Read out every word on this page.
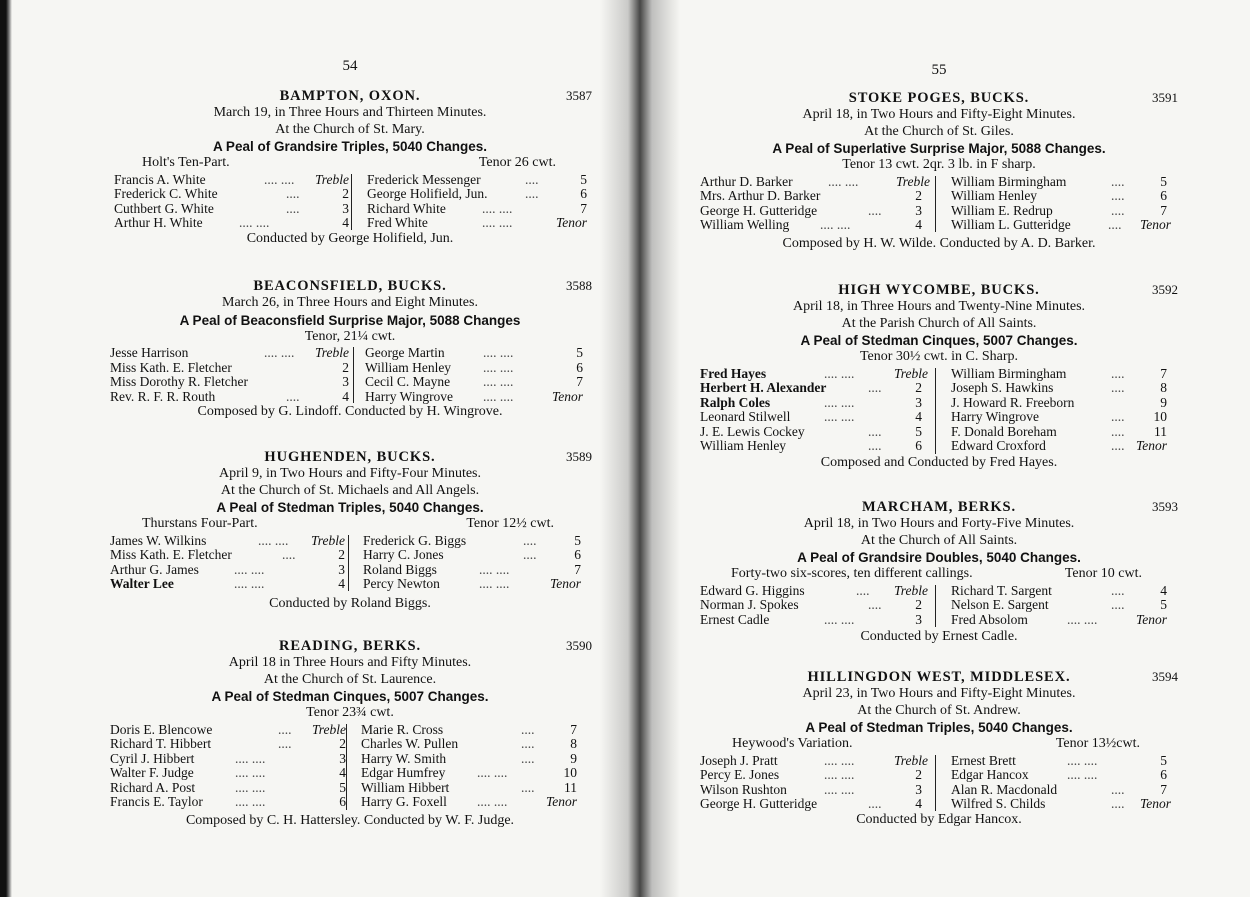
54
BAMPTON, OXON.	3587
March 19, in Three Hours and Thirteen Minutes.
At the Church of St. Mary.
A Peal of Grandsire Triples, 5040 Changes.
Holt's Ten-Part.	Tenor 26 cwt.
Francis A. White	.... ....	Treble
Frederick C. White	....	2
Cuthbert G. White	....	3
Arthur H. White	.... ....	4
Frederick Messenger	....	5
George Holifield, Jun.	....	6
Richard White	.... ....	7
Fred White	.... ....	Tenor
Conducted by George Holifield, Jun.
BEACONSFIELD, BUCKS.	3588
March 26, in Three Hours and Eight Minutes.
A Peal of Beaconsfield Surprise Major, 5088 Changes
Tenor, 21¼ cwt.
Jesse Harrison	.... ....	Treble
Miss Kath. E. Fletcher	2
Miss Dorothy R. Fletcher	3
Rev. R. F. R. Routh	....	4
George Martin	.... ....	5
William Henley .... ....	6
Cecil C. Mayne .... ....	7
Harry Wingrove .... ....	Tenor
Composed by G. Lindoff. Conducted by H. Wingrove.
HUGHENDEN, BUCKS.	3589
April 9, in Two Hours and Fifty-Four Minutes.
At the Church of St. Michaels and All Angels.
A Peal of Stedman Triples, 5040 Changes.
Thurstans Four-Part.	Tenor 12½ cwt.
James W. Wilkins	.... ....	Treble
Miss Kath. E. Fletcher	....	2
Arthur G. James	.... ....	3
Walter Lee	.... ....	4
Frederick G. Biggs	....	5
Harry C. Jones	....	6
Roland Biggs	.... ....	7
Percy Newton	.... ....	Tenor
Conducted by Roland Biggs.
READING, BERKS.	3590
April 18 in Three Hours and Fifty Minutes.
At the Church of St. Laurence.
A Peal of Stedman Cinques, 5007 Changes.
Tenor 23¾ cwt.
Doris E. Blencowe	....	Treble
Richard T. Hibbert	....	2
Cyril J. Hibbert	.... ....	3
Walter F. Judge	.... ....	4
Richard A. Post	.... ....	5
Francis E. Taylor .... ....	6
Marie R. Cross	....	7
Charles W. Pullen	....	8
Harry W. Smith	....	9
Edgar Humfrey .... ....	10
William Hibbert	....	11
Harry G. Foxell .... ....	Tenor
Composed by C. H. Hattersley. Conducted by W. F. Judge.
55
STOKE POGES, BUCKS.	3591
April 18, in Two Hours and Fifty-Eight Minutes.
At the Church of St. Giles.
A Peal of Superlative Surprise Major, 5088 Changes.
Tenor 13 cwt. 2qr. 3 lb. in F sharp.
Arthur D. Barker	.... ....	Treble
Mrs. Arthur D. Barker	2
George H. Gutteridge	....	3
William Welling .... ....	4
William Birmingham	....	5
William Henley	....	6
William E. Redrup	....	7
William L. Gutteridge	....	Tenor
Composed by H. W. Wilde. Conducted by A. D. Barker.
HIGH WYCOMBE, BUCKS.	3592
April 18, in Three Hours and Twenty-Nine Minutes.
At the Parish Church of All Saints.
A Peal of Stedman Cinques, 5007 Changes.
Tenor 30½ cwt. in C. Sharp.
Fred Hayes	.... ....	Treble
Herbert H. Alexander	....	2
Ralph Coles	.... ....	3
Leonard Stilwell .... ....	4
J. E. Lewis Cockey	....	5
William Henley	....	6
William Birmingham	....	7
Joseph S. Hawkins	....	8
J. Howard R. Freeborn	9
Harry Wingrove	....	10
F. Donald Boreham	....	11
Edward Croxford	.... Tenor
Composed and Conducted by Fred Hayes.
MARCHAM, BERKS.	3593
April 18, in Two Hours and Forty-Five Minutes.
At the Church of All Saints.
A Peal of Grandsire Doubles, 5040 Changes.
Forty-two six-scores, ten different callings.	Tenor 10 cwt.
Edward G. Higgins	....	Treble
Norman J. Spokes	....	2
Ernest Cadle	.... ....	3
Richard T. Sargent	....	4
Nelson E. Sargent	....	5
Fred Absolom	.... ....	Tenor
Conducted by Ernest Cadle.
HILLINGDON WEST, MIDDLESEX.	3594
April 23, in Two Hours and Fifty-Eight Minutes.
At the Church of St. Andrew.
A Peal of Stedman Triples, 5040 Changes.
Heywood's Variation.	Tenor 13½cwt.
Joseph J. Pratt	.... ....	Treble
Percy E. Jones	.... ....	2
Wilson Rushton	.... ....	3
George H. Gutteridge	....	4
Ernest Brett	.... ....	5
Edgar Hancox	.... ....	6
Alan R. Macdonald	....	7
Wilfred S. Childs	....	Tenor
Conducted by Edgar Hancox.
